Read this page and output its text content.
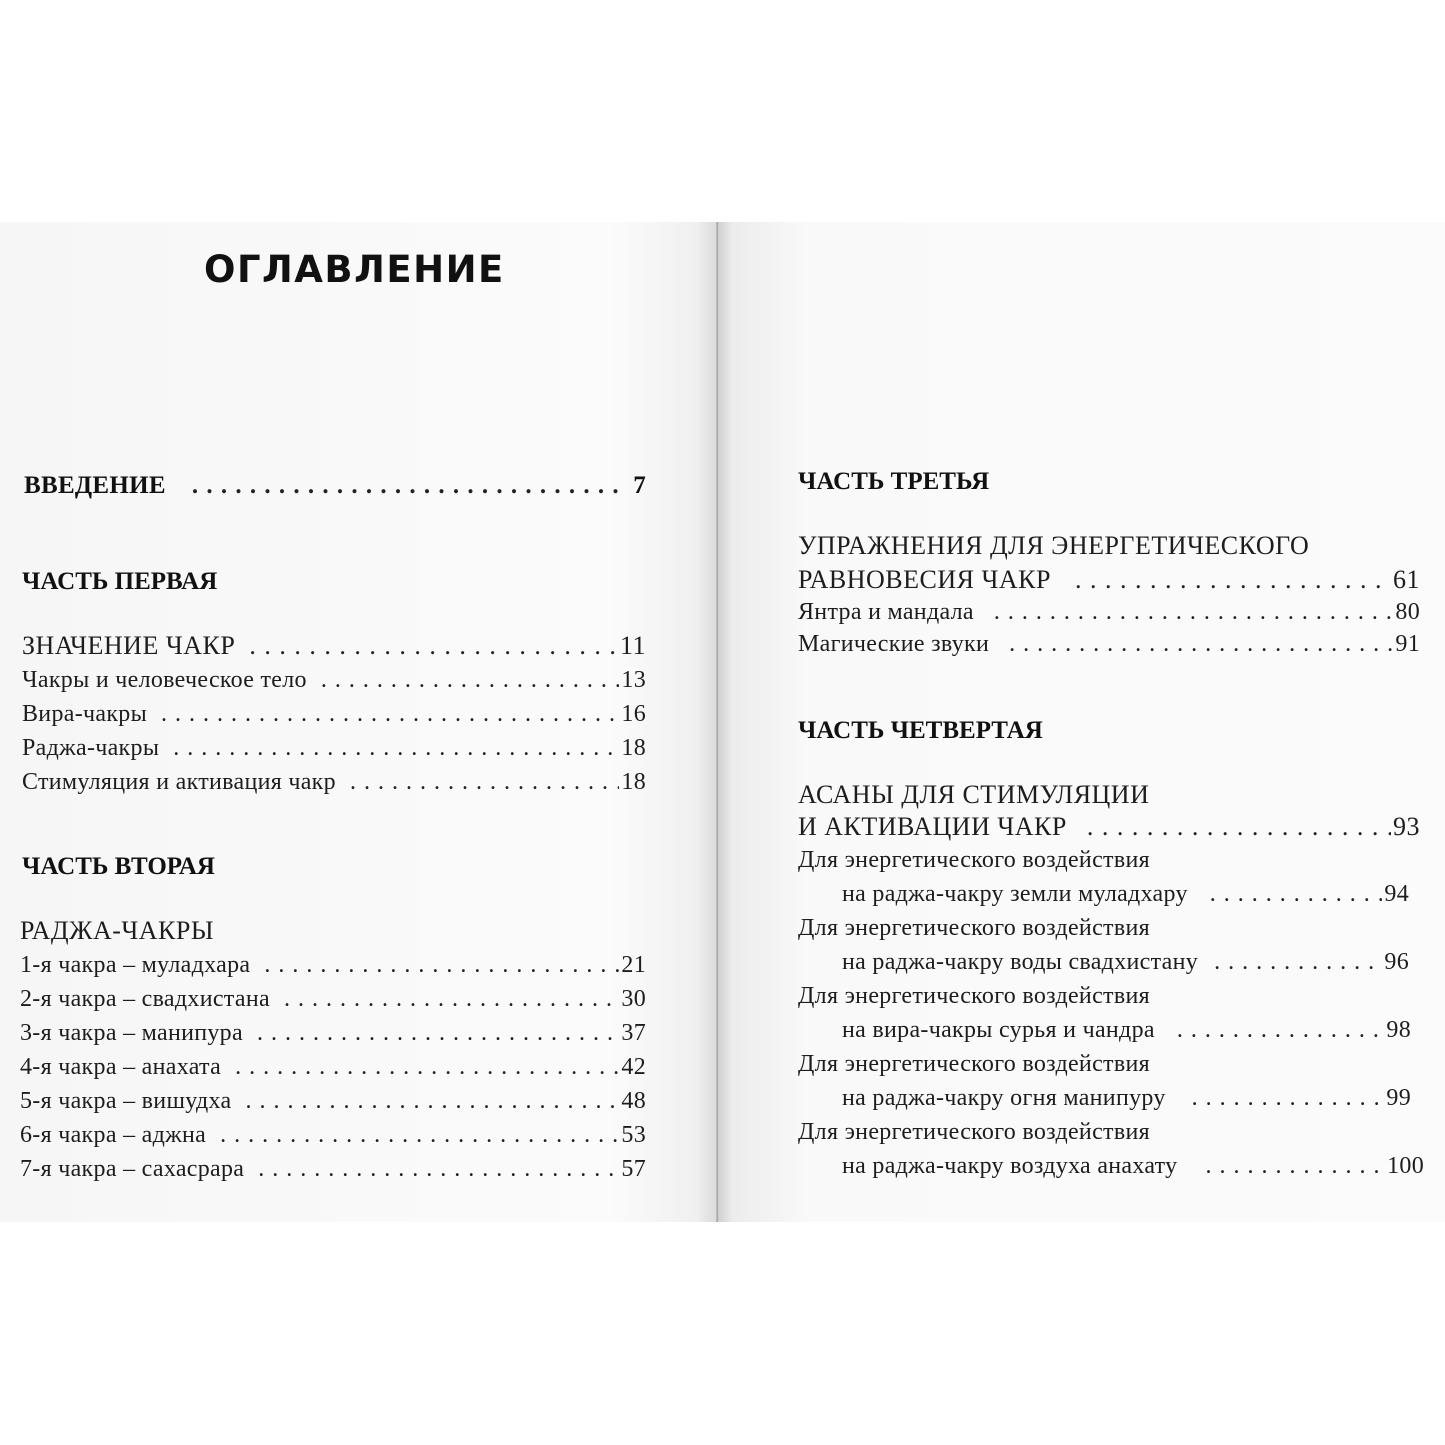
ОГЛАВЛЕНИЕ
ВВЕДЕНИЕ . . .	7
ЧАСТЬ ПЕРВАЯ
ЗНАЧЕНИЕ ЧАКР . . .	11
Чакры и человеческое тело . . .	13
Вира-чакры . . .	16
Раджа-чакры . . .	18
Стимуляция и активация чакр . . .	18
ЧАСТЬ ВТОРАЯ
РАДЖА-ЧАКРЫ
1-я чакра – муладхара . . .	21
2-я чакра – свадхистана . . .	30
3-я чакра – манипура . . .	37
4-я чакра – анахата . . .	42
5-я чакра – вишудха . . .	48
6-я чакра – аджна . . .	53
7-я чакра – сахасрара . . .	57
ЧАСТЬ ТРЕТЬЯ
УПРАЖНЕНИЯ ДЛЯ ЭНЕРГЕТИЧЕСКОГО
РАВНОВЕСИЯ ЧАКР . . .	61
Янтра и мандала . . .	80
Магические звуки . . .	91
ЧАСТЬ ЧЕТВЕРТАЯ
АСАНЫ ДЛЯ СТИМУЛЯЦИИ
И АКТИВАЦИИ ЧАКР . . .	93
Для энергетического воздействия
на раджа-чакру земли муладхару . . .	94
Для энергетического воздействия
на раджа-чакру воды свадхистану . . .	96
Для энергетического воздействия
на вира-чакры сурья и чандра . . .	98
Для энергетического воздействия
на раджа-чакру огня манипуру . . .	99
Для энергетического воздействия
на раджа-чакру воздуха анахату . . .	100
